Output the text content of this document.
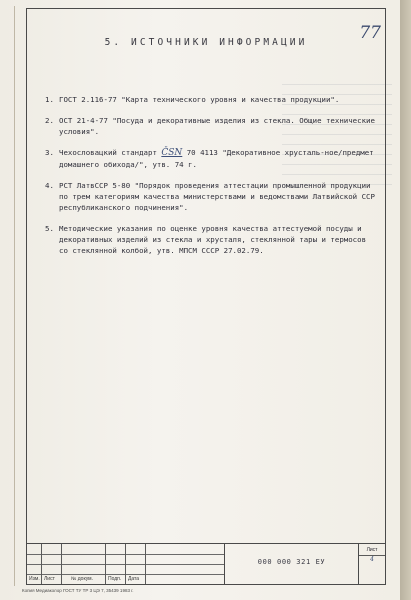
5. ИСТОЧНИКИ ИНФОРМАЦИИ	77
1. ГОСТ 2.116-77 "Карта технического уровня и качества продукции".
2. ОСТ 21-4-77 "Посуда и декоративные изделия из стекла. Общие технические условия".
3. Чехословацкий стандарт ČSN 70 4113 "Декоративное хрусталь-ное/предмет домашнего обихода/", утв. 74 г.
4. РСТ ЛатвССР 5-80 "Порядок проведения аттестации промышленной продукции по трем категориям качества министерствами и ведомствами Латвийской ССР республиканского подчинения".
5. Методические указания по оценке уровня качества аттестуемой посуды и декоративных изделий из стекла и хрусталя, стеклянной тары и термосов со стеклянной колбой, утв. МПСМ СССР 27.02.79.
Изм. Лист	№ докум.	Подп. Дата
000 000 321 ЕУ
Лист
4
Копия Медиаколор ГОСТ ТУ ТР 3 ЦЭ 7, 35439 1983 г.
